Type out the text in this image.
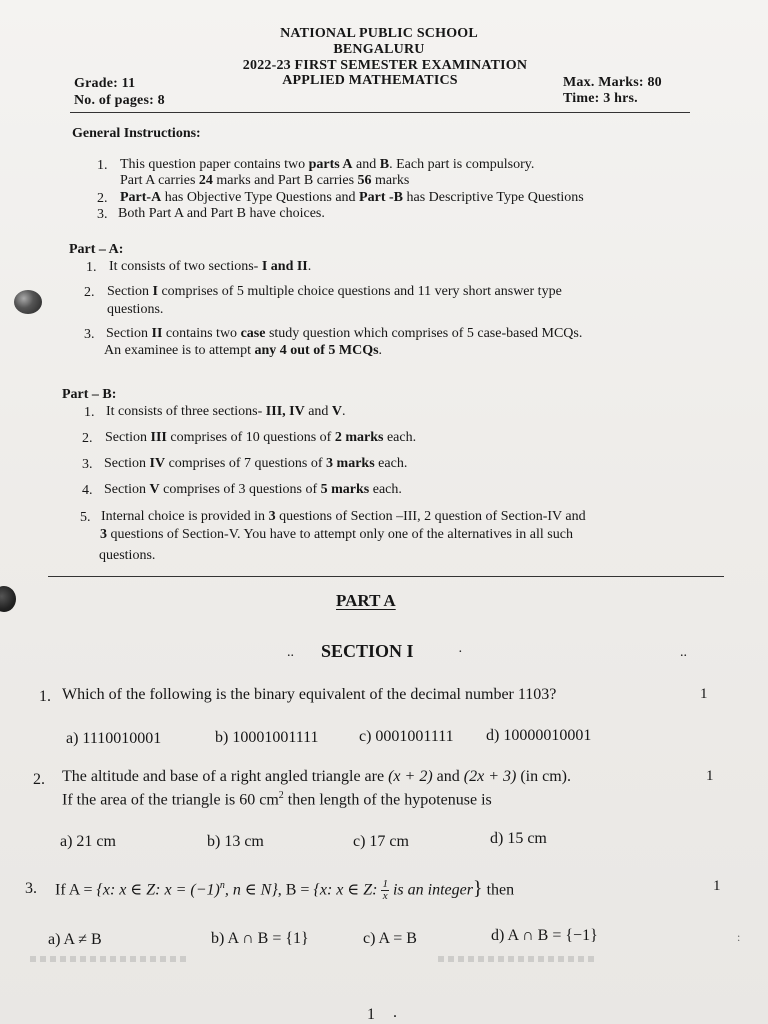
NATIONAL PUBLIC SCHOOL
BENGALURU
2022-23 FIRST SEMESTER EXAMINATION
APPLIED MATHEMATICS
Grade: 11
No. of pages: 8
Max. Marks: 80
Time: 3 hrs.
General Instructions:
1. This question paper contains two parts A and B. Each part is compulsory.
Part A carries 24 marks and Part B carries 56 marks
2. Part-A has Objective Type Questions and Part -B has Descriptive Type Questions
3. Both Part A and Part B have choices.
Part – A:
1. It consists of two sections- I and II.
2. Section I comprises of 5 multiple choice questions and 11 very short answer type
questions.
3. Section II contains two case study question which comprises of 5 case-based MCQs.
An examinee is to attempt any 4 out of 5 MCQs.
Part – B:
1. It consists of three sections- III, IV and V.
2. Section III comprises of 10 questions of 2 marks each.
3. Section IV comprises of 7 questions of 3 marks each.
4. Section V comprises of 3 questions of 5 marks each.
5. Internal choice is provided in 3 questions of Section –III, 2 question of Section-IV and
3 questions of Section-V. You have to attempt only one of the alternatives in all such
questions.
PART A
.. SECTION I	·	..
1. Which of the following is the binary equivalent of the decimal number 1103?	1
a) 1110010001	b) 10001001111	c) 0001001111 d) 10000010001
2. The altitude and base of a right angled triangle are (x + 2) and (2x + 3) (in cm).
If the area of the triangle is 60 $cm^2$ then length of the hypotenuse is
1
a) 21 cm	b) 13 cm	c) 17 cm	d) 15 cm
3. If A = {x: x ∈ Z: $x = (-1)^n$, n ∈ N}, B = {x: x ∈ Z: $\frac{1}{x}$ is an integer} then	1
a) A ≠ B	b) A ∩ B = {1}	c) A = B	d) A ∩ B = {−1}	:
1 .
